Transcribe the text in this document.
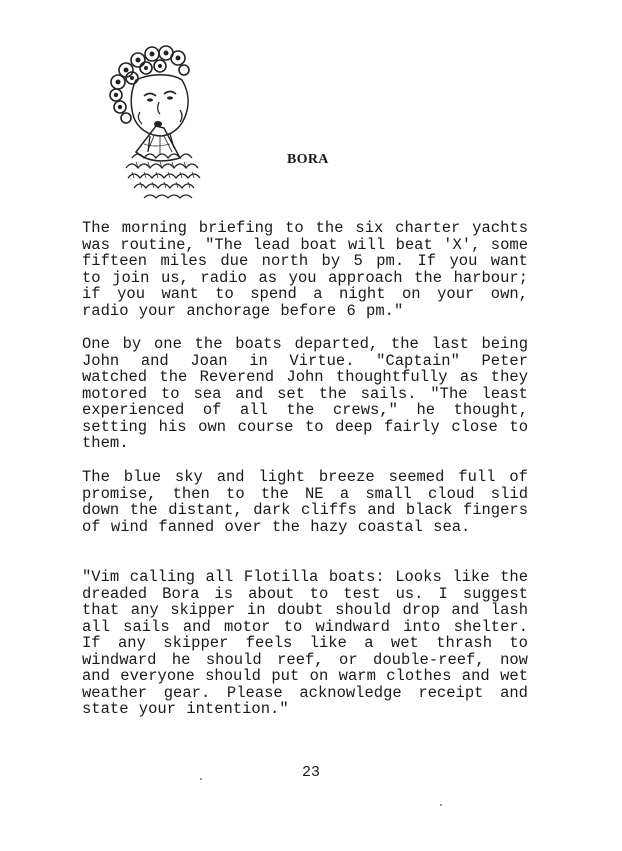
BORA

The morning briefing to the six charter yachts was routine, "The lead boat will beat 'X', some fifteen miles due north by 5 pm. If you want to join us, radio as you approach the harbour; if you want to spend a night on your own, radio your anchorage before 6 pm."

One by one the boats departed, the last being John and Joan in Virtue. "Captain" Peter watched the Reverend John thoughtfully as they motored to sea and set the sails. "The least experienced of all the crews," he thought, setting his own course to deep fairly close to them.

The blue sky and light breeze seemed full of promise, then to the NE a small cloud slid down the distant, dark cliffs and black fingers of wind fanned over the hazy coastal sea.

"Vim calling all Flotilla boats: Looks like the dreaded Bora is about to test us. I suggest that any skipper in doubt should drop and lash all sails and motor to windward into shelter. If any skipper feels like a wet thrash to windward he should reef, or double-reef, now and everyone should put on warm clothes and wet weather gear. Please acknowledge receipt and state your intention."

23
